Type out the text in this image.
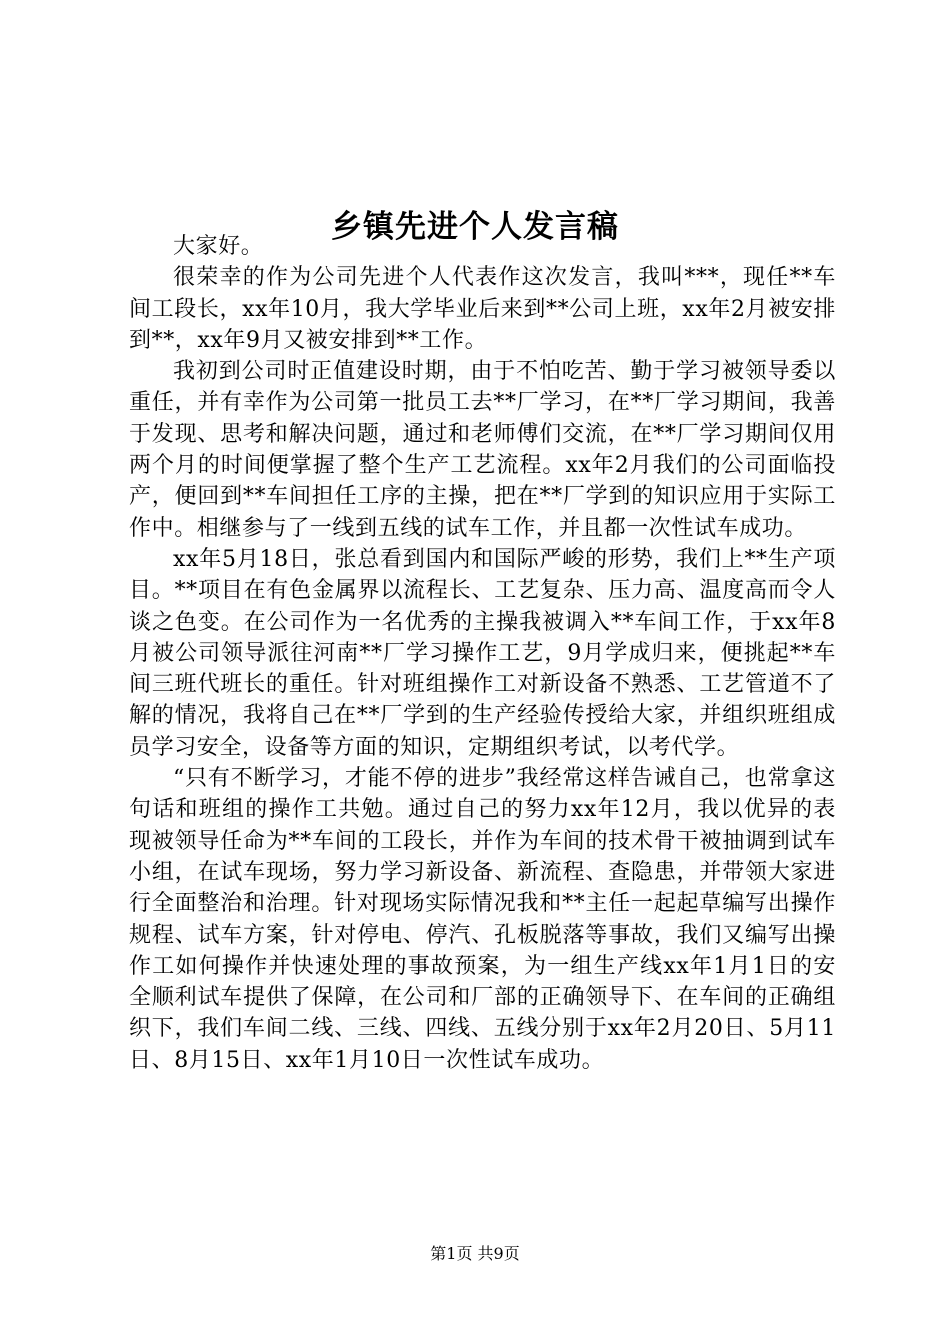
乡镇先进个人发言稿

大家好。

很荣幸的作为公司先进个人代表作这次发言，我叫***，现任**车间工段长，xx年10月，我大学毕业后来到**公司上班，xx年2月被安排到**，xx年9月又被安排到**工作。

我初到公司时正值建设时期，由于不怕吃苦、勤于学习被领导委以重任，并有幸作为公司第一批员工去**厂学习，在**厂学习期间，我善于发现、思考和解决问题，通过和老师傅们交流，在**厂学习期间仅用两个月的时间便掌握了整个生产工艺流程。xx年2月我们的公司面临投产，便回到**车间担任工序的主操，把在**厂学到的知识应用于实际工作中。相继参与了一线到五线的试车工作，并且都一次性试车成功。

xx年5月18日，张总看到国内和国际严峻的形势，我们上**生产项目。**项目在有色金属界以流程长、工艺复杂、压力高、温度高而令人谈之色变。在公司作为一名优秀的主操我被调入**车间工作，于xx年8月被公司领导派往河南**厂学习操作工艺，9月学成归来，便挑起**车间三班代班长的重任。针对班组操作工对新设备不熟悉、工艺管道不了解的情况，我将自己在**厂学到的生产经验传授给大家，并组织班组成员学习安全，设备等方面的知识，定期组织考试，以考代学。

“只有不断学习，才能不停的进步”我经常这样告诫自己，也常拿这句话和班组的操作工共勉。通过自己的努力xx年12月，我以优异的表现被领导任命为**车间的工段长，并作为车间的技术骨干被抽调到试车小组，在试车现场，努力学习新设备、新流程、查隐患，并带领大家进行全面整治和治理。针对现场实际情况我和**主任一起起草编写出操作规程、试车方案，针对停电、停汽、孔板脱落等事故，我们又编写出操作工如何操作并快速处理的事故预案，为一组生产线xx年1月1日的安全顺利试车提供了保障，在公司和厂部的正确领导下、在车间的正确组织下，我们车间二线、三线、四线、五线分别于xx年2月20日、5月11日、8月15日、xx年1月10日一次性试车成功。

第1页 共9页
